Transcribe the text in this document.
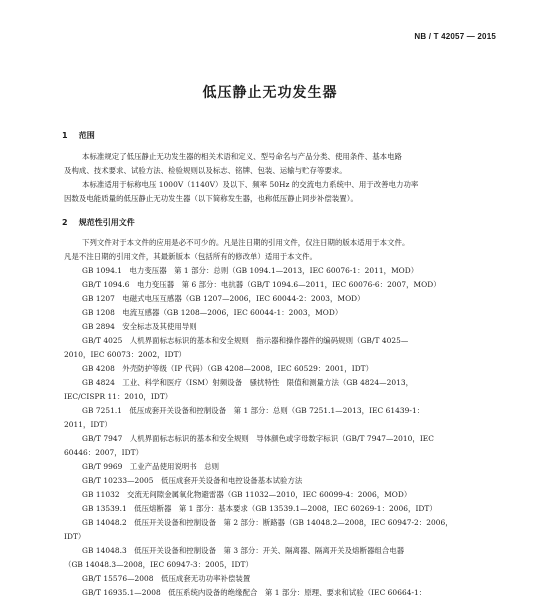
NB / T 42057 — 2015
低压静止无功发生器
1 范围
本标准规定了低压静止无功发生器的相关术语和定义、型号命名与产品分类、使用条件、基本电路
及构成、技术要求、试验方法、检验规则以及标志、铭牌、包装、运输与贮存等要求。
本标准适用于标称电压 1000V（1140V）及以下、频率 50Hz 的交流电力系统中、用于改善电力功率
因数及电能质量的低压静止无功发生器（以下简称发生器，也称低压静止同步补偿装置）。
2 规范性引用文件
下列文件对于本文件的应用是必不可少的。凡是注日期的引用文件，仅注日期的版本适用于本文件。
凡是不注日期的引用文件，其最新版本（包括所有的修改单）适用于本文件。
GB 1094.1　电力变压器　第 1 部分：总则（GB 1094.1—2013，IEC 60076-1：2011，MOD）
GB/T 1094.6　电力变压器　第 6 部分：电抗器（GB/T 1094.6—2011，IEC 60076-6：2007，MOD）
GB 1207　电磁式电压互感器（GB 1207—2006，IEC 60044-2：2003，MOD）
GB 1208　电流互感器（GB 1208—2006，IEC 60044-1：2003，MOD）
GB 2894　安全标志及其使用导则
GB/T 4025　人机界面标志标识的基本和安全规则　指示器和操作器件的编码规则（GB/T 4025—
2010，IEC 60073：2002，IDT）
GB 4208　外壳防护等级（IP 代码）（GB 4208—2008，IEC 60529：2001，IDT）
GB 4824　工业、科学和医疗（ISM）射频设备　骚扰特性　限值和测量方法（GB 4824—2013，
IEC/CISPR 11：2010，IDT）
GB 7251.1　低压成套开关设备和控制设备　第 1 部分：总则（GB 7251.1—2013，IEC 61439-1：
2011，IDT）
GB/T 7947　人机界面标志标识的基本和安全规则　导体颜色或字母数字标识（GB/T 7947—2010，IEC
60446：2007，IDT）
GB/T 9969　工业产品使用说明书　总则
GB/T 10233—2005　低压成套开关设备和电控设备基本试验方法
GB 11032　交流无间隙金属氧化物避雷器（GB 11032—2010，IEC 60099-4：2006，MOD）
GB 13539.1　低压熔断器　第 1 部分：基本要求（GB 13539.1—2008，IEC 60269-1：2006，IDT）
GB 14048.2　低压开关设备和控制设备　第 2 部分：断路器（GB 14048.2—2008，IEC 60947-2：2006，
IDT）
GB 14048.3　低压开关设备和控制设备　第 3 部分：开关、隔离器、隔离开关及熔断器组合电器
（GB 14048.3—2008，IEC 60947-3：2005，IDT）
GB/T 15576—2008　低压成套无功功率补偿装置
GB/T 16935.1—2008　低压系统内设备的绝缘配合　第 1 部分：原理、要求和试验（IEC 60664-1：
